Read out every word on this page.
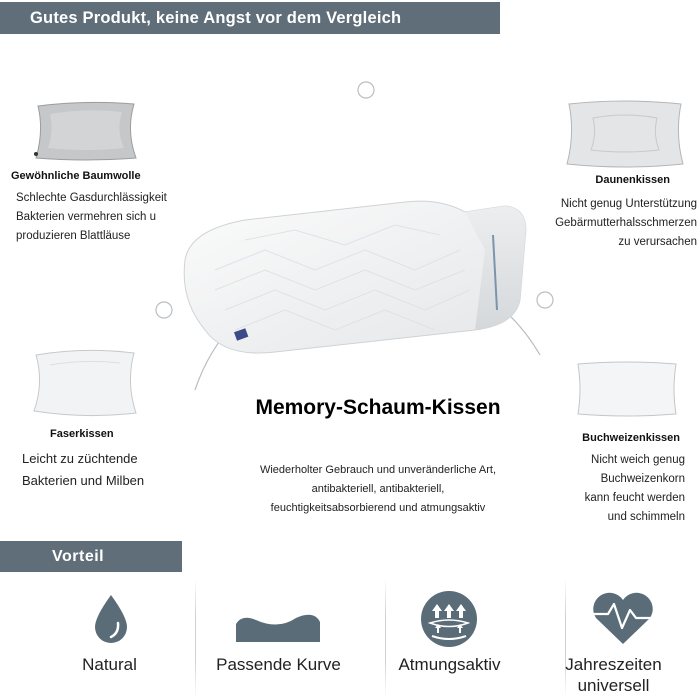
Gutes Produkt, keine Angst vor dem Vergleich
Gewöhnliche Baumwolle
Schlechte Gasdurchlässigkeit
Bakterien vermehren sich u
produzieren Blattläuse
Daunenkissen
Nicht genug Unterstützung
Gebärmutterhalsschmerzen
zu verursachen
Faserkissen
Leicht zu züchtende
Bakterien und Milben
Buchweizenkissen
Nicht weich genug
Buchweizenkorn
kann feucht werden
und schimmeln
Memory-Schaum-Kissen
Wiederholter Gebrauch und unveränderliche Art,
antibakteriell, antibakteriell,
feuchtigkeitsabsorbierend und atmungsaktiv
Vorteil
Natural	Passende Kurve	Atmungsaktiv	Jahreszeiten
universell
